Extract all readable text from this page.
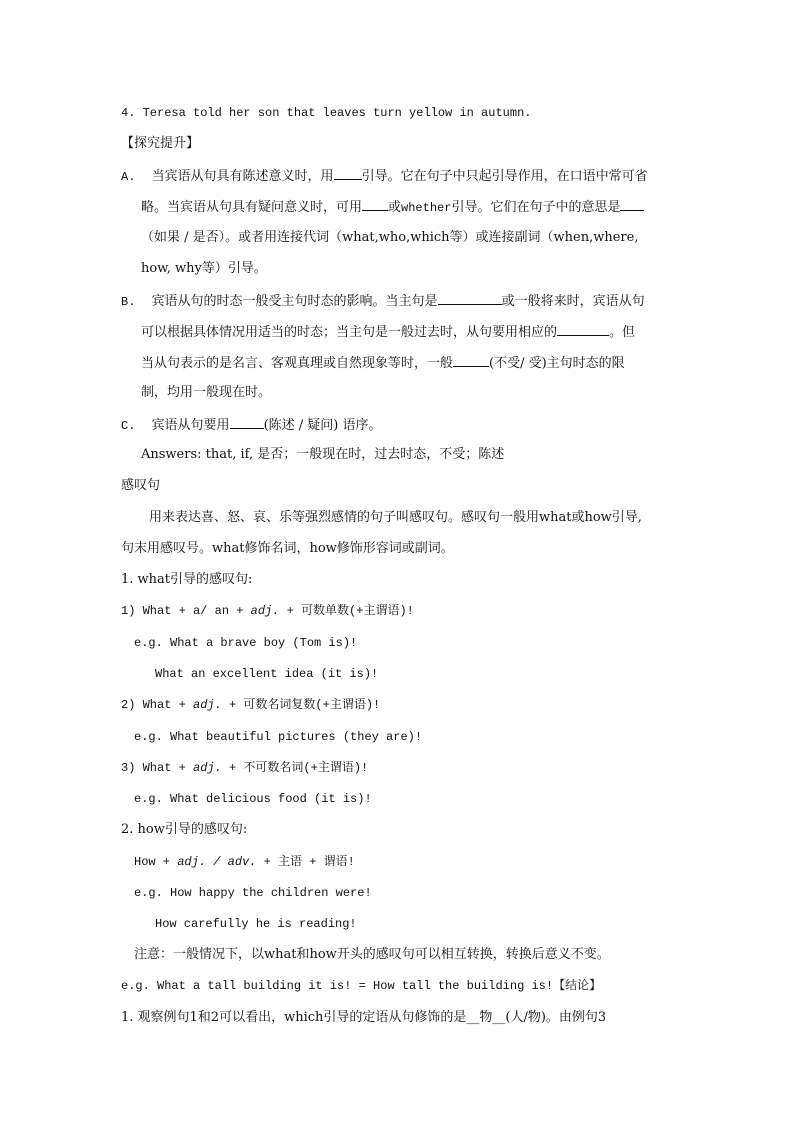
4. Teresa told her son that leaves turn yellow in autumn.
【探究提升】
A. 当宾语从句具有陈述意义时，用 引导。它在句子中只起引导作用，在口语中常可省
略。当宾语从句具有疑问意义时，可用 或whether引导。它们在句子中的意思是
（如果 / 是否）。或者用连接代词（what,who,which等）或连接副词（when,where,
how, why等）引导。
B. 宾语从句的时态一般受主句时态的影响。当主句是	或一般将来时，宾语从句
可以根据具体情况用适当的时态；当主句是一般过去时，从句要用相应的	。但
当从句表示的是名言、客观真理或自然现象等时，一般	(不受/ 受)主句时态的限
制，均用一般现在时。
C. 宾语从句要用	(陈述 / 疑问) 语序。
Answers: that, if, 是否；一般现在时，过去时态，不受；陈述
感叹句
用来表达喜、怒、哀、乐等强烈感情的句子叫感叹句。感叹句一般用what或how引导,
句末用感叹号。what修饰名词，how修饰形容词或副词。
1. what引导的感叹句:
1) What + a/ an + adj. + 可数单数(+主谓语)!
e.g. What a brave boy (Tom is)!
What an excellent idea (it is)!
2) What + adj. + 可数名词复数(+主谓语)!
e.g. What beautiful pictures (they are)!
3) What + adj. + 不可数名词(+主谓语)!
e.g. What delicious food (it is)!
2. how引导的感叹句:
How + adj. / adv. + 主语 + 谓语!
e.g. How happy the children were!
How carefully he is reading!
注意：一般情况下，以what和how开头的感叹句可以相互转换，转换后意义不变。
e.g. What a tall building it is! = How tall the building is!【结论】
1. 观察例句1和2可以看出，which引导的定语从句修饰的是__物__(人/物)。由例句3
